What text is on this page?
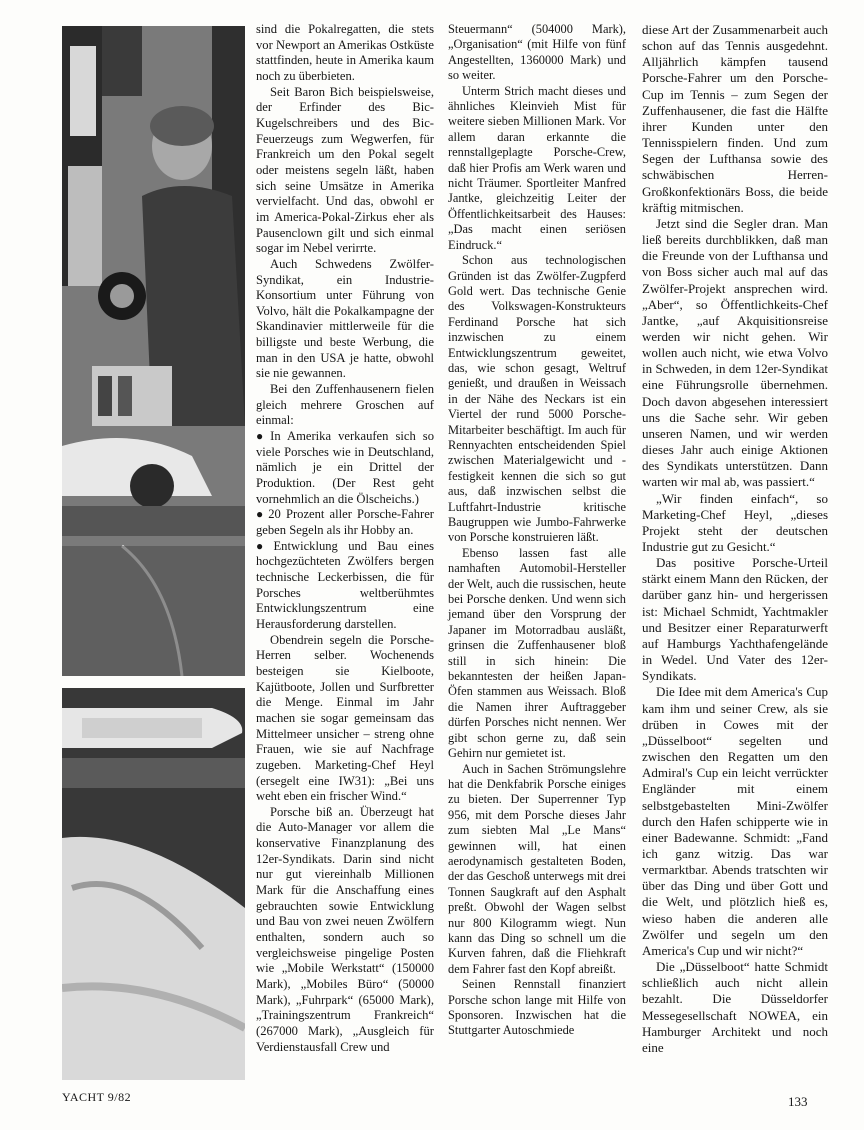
sind die Pokalregatten, die stets vor Newport an Amerikas Ostküste stattfinden, heute in Amerika kaum noch zu überbieten.

Seit Baron Bich beispielsweise, der Erfinder des Bic-Kugelschreibers und des Bic-Feuerzeugs zum Wegwerfen, für Frankreich um den Pokal segelt oder meistens segeln läßt, haben sich seine Umsätze in Amerika vervielfacht. Und das, obwohl er im America-Pokal-Zirkus eher als Pausenclown gilt und sich einmal sogar im Nebel verirrte.

Auch Schwedens Zwölfer-Syndikat, ein Industrie-Konsortium unter Führung von Volvo, hält die Pokalkampagne der Skandinavier mittlerweile für die billigste und beste Werbung, die man in den USA je hatte, obwohl sie nie gewannen.

Bei den Zuffenhausenern fielen gleich mehrere Groschen auf einmal:

● In Amerika verkaufen sich so viele Porsches wie in Deutschland, nämlich je ein Drittel der Produktion. (Der Rest geht vornehmlich an die Ölscheichs.)

● 20 Prozent aller Porsche-Fahrer geben Segeln als ihr Hobby an.

● Entwicklung und Bau eines hochgezüchteten Zwölfers bergen technische Leckerbissen, die für Porsches weltberühmtes Entwicklungszentrum eine Herausforderung darstellen.

Obendrein segeln die Porsche-Herren selber. Wochenends besteigen sie Kielboote, Kajütboote, Jollen und Surfbretter die Menge. Einmal im Jahr machen sie sogar gemeinsam das Mittelmeer unsicher – streng ohne Frauen, wie sie auf Nachfrage zugeben. Marketing-Chef Heyl (ersegelt eine IW31): „Bei uns weht eben ein frischer Wind.“

Porsche biß an. Überzeugt hat die Auto-Manager vor allem die konservative Finanzplanung des 12er-Syndikats. Darin sind nicht nur gut viereinhalb Millionen Mark für die Anschaffung eines gebrauchten sowie Entwicklung und Bau von zwei neuen Zwölfern enthalten, sondern auch so vergleichsweise pingelige Posten wie „Mobile Werkstatt“ (150000 Mark), „Mobiles Büro“ (50000 Mark), „Fuhrpark“ (65000 Mark), „Trainingszentrum Frankreich“ (267000 Mark), „Ausgleich für Verdienstausfall Crew und

Steuermann“ (504000 Mark), „Organisation“ (mit Hilfe von fünf Angestellten, 1360000 Mark) und so weiter.

Unterm Strich macht dieses und ähnliches Kleinvieh Mist für weitere sieben Millionen Mark. Vor allem daran erkannte die rennstallgeplagte Porsche-Crew, daß hier Profis am Werk waren und nicht Träumer. Sportleiter Manfred Jantke, gleichzeitig Leiter der Öffentlichkeitsarbeit des Hauses: „Das macht einen seriösen Eindruck.“

Schon aus technologischen Gründen ist das Zwölfer-Zugpferd Gold wert. Das technische Genie des Volkswagen-Konstrukteurs Ferdinand Porsche hat sich inzwischen zu einem Entwicklungszentrum geweitet, das, wie schon gesagt, Weltruf genießt, und draußen in Weissach in der Nähe des Neckars ist ein Viertel der rund 5000 Porsche-Mitarbeiter beschäftigt. Im auch für Rennyachten entscheidenden Spiel zwischen Materialgewicht und -festigkeit kennen die sich so gut aus, daß inzwischen selbst die Luftfahrt-Industrie kritische Baugruppen wie Jumbo-Fahrwerke von Porsche konstruieren läßt.

Ebenso lassen fast alle namhaften Automobil-Hersteller der Welt, auch die russischen, heute bei Porsche denken. Und wenn sich jemand über den Vorsprung der Japaner im Motorradbau ausläßt, grinsen die Zuffenhausener bloß still in sich hinein: Die bekanntesten der heißen Japan-Öfen stammen aus Weissach. Bloß die Namen ihrer Auftraggeber dürfen Porsches nicht nennen. Wer gibt schon gerne zu, daß sein Gehirn nur gemietet ist.

Auch in Sachen Strömungslehre hat die Denkfabrik Porsche einiges zu bieten. Der Superrenner Typ 956, mit dem Porsche dieses Jahr zum siebten Mal „Le Mans“ gewinnen will, hat einen aerodynamisch gestalteten Boden, der das Geschoß unterwegs mit drei Tonnen Saugkraft auf den Asphalt preßt. Obwohl der Wagen selbst nur 800 Kilogramm wiegt. Nun kann das Ding so schnell um die Kurven fahren, daß die Fliehkraft dem Fahrer fast den Kopf abreißt.

Seinen Rennstall finanziert Porsche schon lange mit Hilfe von Sponsoren. Inzwischen hat die Stuttgarter Autoschmiede

diese Art der Zusammenarbeit auch schon auf das Tennis ausgedehnt. Alljährlich kämpfen tausend Porsche-Fahrer um den Porsche-Cup im Tennis – zum Segen der Zuffenhausener, die fast die Hälfte ihrer Kunden unter den Tennisspielern finden. Und zum Segen der Lufthansa sowie des schwäbischen Herren-Großkonfektionärs Boss, die beide kräftig mitmischen.

Jetzt sind die Segler dran. Man ließ bereits durchblikken, daß man die Freunde von der Lufthansa und von Boss sicher auch mal auf das Zwölfer-Projekt ansprechen wird. „Aber“, so Öffentlichkeits-Chef Jantke, „auf Akquisitionsreise werden wir nicht gehen. Wir wollen auch nicht, wie etwa Volvo in Schweden, in dem 12er-Syndikat eine Führungsrolle übernehmen. Doch davon abgesehen interessiert uns die Sache sehr. Wir geben unseren Namen, und wir werden dieses Jahr auch einige Aktionen des Syndikats unterstützen. Dann warten wir mal ab, was passiert.“

„Wir finden einfach“, so Marketing-Chef Heyl, „dieses Projekt steht der deutschen Industrie gut zu Gesicht.“

Das positive Porsche-Urteil stärkt einem Mann den Rücken, der darüber ganz hin- und hergerissen ist: Michael Schmidt, Yachtmakler und Besitzer einer Reparaturwerft auf Hamburgs Yachthafengelände in Wedel. Und Vater des 12er-Syndikats.

Die Idee mit dem America's Cup kam ihm und seiner Crew, als sie drüben in Cowes mit der „Düsselboot“ segelten und zwischen den Regatten um den Admiral's Cup ein leicht verrückter Engländer mit einem selbstgebastelten Mini-Zwölfer durch den Hafen schipperte wie in einer Badewanne. Schmidt: „Fand ich ganz witzig. Das war vermarktbar. Abends tratschten wir über das Ding und über Gott und die Welt, und plötzlich hieß es, wieso haben die anderen alle Zwölfer und segeln um den America's Cup und wir nicht?“

Die „Düsselboot“ hatte Schmidt schließlich auch nicht allein bezahlt. Die Düsseldorfer Messegesellschaft NOWEA, ein Hamburger Architekt und noch eine

YACHT 9/82	133
